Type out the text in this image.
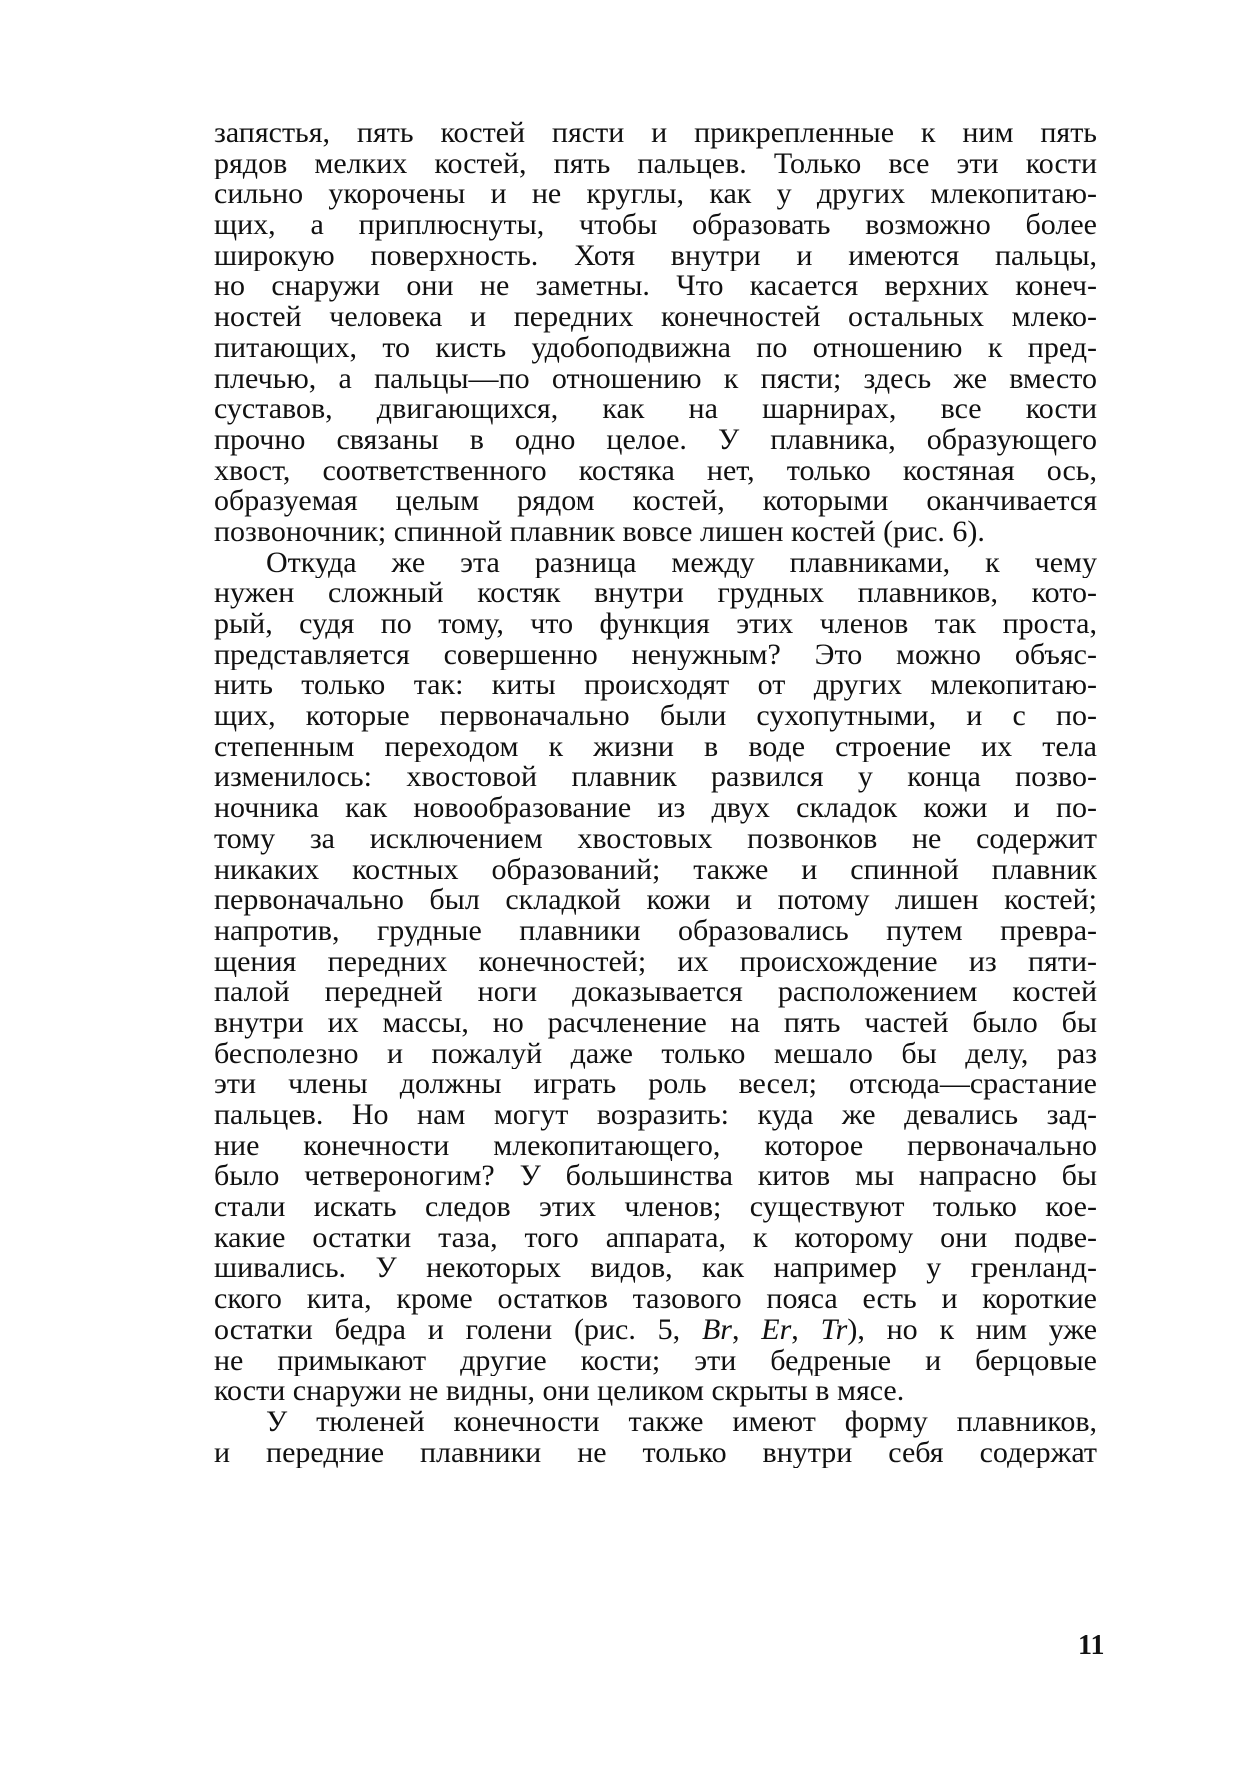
запястья, пять костей пясти и прикрепленные к ним пять
рядов мелких костей, пять пальцев. Только все эти кости
сильно укорочены и не круглы, как у других млекопитаю-
щих, а приплюснуты, чтобы образовать возможно более
широкую поверхность. Хотя внутри и имеются пальцы,
но снаружи они не заметны. Что касается верхних конеч-
ностей человека и передних конечностей остальных млеко-
питающих, то кисть удобоподвижна по отношению к пред-
плечью, а пальцы—по отношению к пясти; здесь же вместо
суставов, двигающихся, как на шарнирах, все кости
прочно связаны в одно целое. У плавника, образующего
хвост, соответственного костяка нет, только костяная ось,
образуемая целым рядом костей, которыми оканчивается
позвоночник; спинной плавник вовсе лишен костей (рис. 6).
Откуда же эта разница между плавниками, к чему
нужен сложный костяк внутри грудных плавников, кото-
рый, судя по тому, что функция этих членов так проста,
представляется совершенно ненужным? Это можно объяс-
нить только так: киты происходят от других млекопитаю-
щих, которые первоначально были сухопутными, и с по-
степенным переходом к жизни в воде строение их тела
изменилось: хвостовой плавник развился у конца позво-
ночника как новообразование из двух складок кожи и по-
тому за исключением хвостовых позвонков не содержит
никаких костных образований; также и спинной плавник
первоначально был складкой кожи и потому лишен костей;
напротив, грудные плавники образовались путем превра-
щения передних конечностей; их происхождение из пяти-
палой передней ноги доказывается расположением костей
внутри их массы, но расчленение на пять частей было бы
бесполезно и пожалуй даже только мешало бы делу, раз
эти члены должны играть роль весел; отсюда—срастание
пальцев. Но нам могут возразить: куда же девались зад-
ние конечности млекопитающего, которое первоначально
было четвероногим? У большинства китов мы напрасно бы
стали искать следов этих членов; существуют только кое-
какие остатки таза, того аппарата, к которому они подве-
шивались. У некоторых видов, как например у гренланд-
ского кита, кроме остатков тазового пояса есть и короткие
остатки бедра и голени (рис. 5, Br, Er, Tr), но к ним уже
не примыкают другие кости; эти бедреные и берцовые
кости снаружи не видны, они целиком скрыты в мясе.
У тюленей конечности также имеют форму плавников,
и передние плавники не только внутри себя содержат
11
